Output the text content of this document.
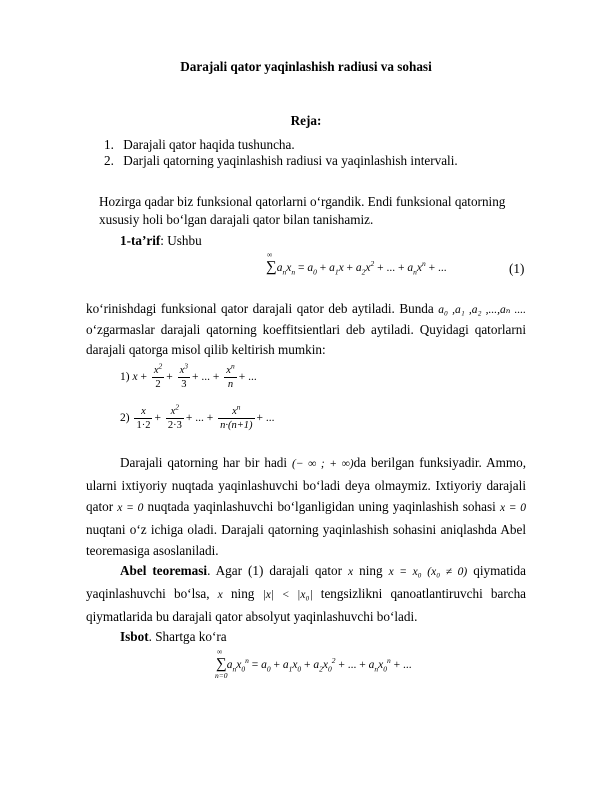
Darajali qator yaqinlashish radiusi va sohasi
Reja:
1. Darajali qator haqida tushuncha.
2. Darjali qatorning yaqinlashish radiusi va yaqinlashish intervali.
Hozirga qadar biz funksional qatorlarni o‘rgandik. Endi funksional qatorning
xususiy holi bo‘lgan darajali qator bilan tanishamiz.
1-ta’rif: Ushbu
∑
∞
$a_nx_n = a_0 + a_1x + a_2x^2$ + ... + $a_nx^n$ + ...	(1)

ko‘rinishdagi funksional qator darajali qator deb aytiladi. Bunda a₀ ,a₁ ,a₂ ,...,aₙ .... o‘zgarmaslar darajali qatorning koeffitsientlari deb aytiladi. Quyidagi qatorlarni darajali qatorga misol qilib keltirish mumkin:

1) $x + \frac{x^2}{2} + \frac{x^3}{3}$ + ... + $\frac{x^n}{n}$ + ...
$2) \frac{x}{1\cdot 2} + \frac{x^2}{2\cdot 3}$ + ... + $\frac{x^n}{n\cdot(n+1)}$ + ...

Darajali qatorning har bir hadi (− ∞ ; + ∞)da berilgan funksiyadir. Ammo, ularni ixtiyoriy nuqtada yaqinlashuvchi bo‘ladi deya olmaymiz. Ixtiyoriy darajali qator x = 0 nuqtada yaqinlashuvchi bo‘lganligidan uning yaqinlashish sohasi x = 0 nuqtani o‘z ichiga oladi. Darajali qatorning yaqinlashish sohasini aniqlashda Abel teoremasiga asoslaniladi.

Abel teoremasi. Agar (1) darajali qator x ning x = x₀ (x₀ ≠ 0) qiymatida yaqinlashuvchi bo‘lsa, x ning |x| < |x₀| tengsizlikni qanoatlantiruvchi barcha qiymatlarida bu darajali qator absolyut yaqinlashuvchi bo‘ladi.

Isbot. Shartga ko‘ra
∑
∞
n=0
$a_nx_0^n = a_0 + a_1x_0 + a_2x_0^2$ + ... + $a_nx_0^n$ + ...
